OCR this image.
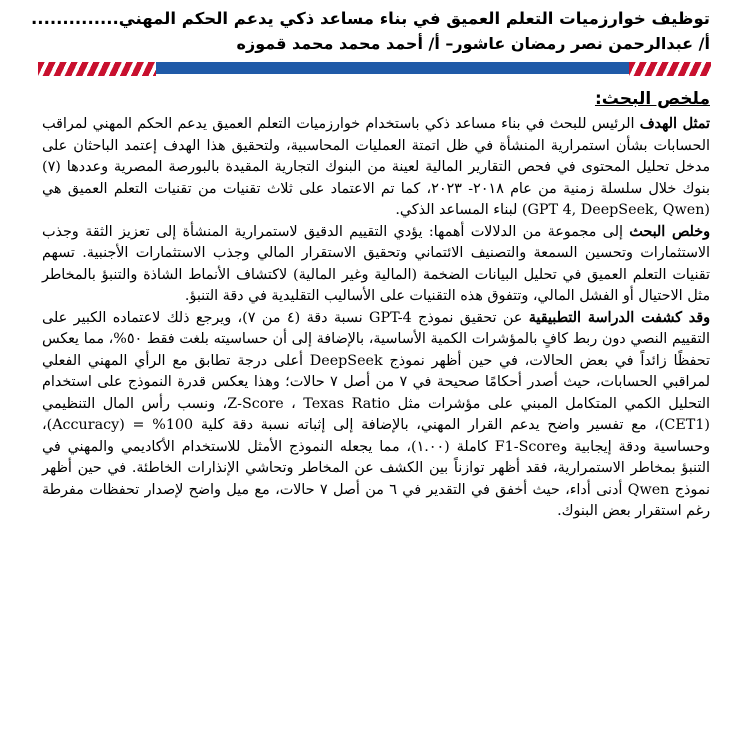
توظيف خوارزميات التعلم العميق في بناء مساعد ذكي يدعم الحكم المهني..............
أ/ عبدالرحمن نصر رمضان عاشور– أ/ أحمد محمد محمد قموزه
ملخص البحث:

تمثل الهدف الرئيس للبحث في بناء مساعد ذكي باستخدام خوارزميات التعلم العميق يدعم الحكم المهني لمراقب الحسابات بشأن استمرارية المنشأة في ظل اتمتة العمليات المحاسبية، ولتحقيق هذا الهدف إعتمد الباحثان على مدخل تحليل المحتوى في فحص التقارير المالية لعينة من البنوك التجارية المقيدة بالبورصة المصرية وعددها (٧) بنوك خلال سلسلة زمنية من عام ٢٠١٨- ٢٠٢٣، كما تم الاعتماد على ثلاث تقنيات من تقنيات التعلم العميق هي (GPT 4, DeepSeek, Qwen) لبناء المساعد الذكي.

وخلص البحث إلى مجموعة من الدلالات أهمها: يؤدي التقييم الدقيق لاستمرارية المنشأة إلى تعزيز الثقة وجذب الاستثمارات وتحسين السمعة والتصنيف الائتماني وتحقيق الاستقرار المالي وجذب الاستثمارات الأجنبية. تسهم تقنيات التعلم العميق في تحليل البيانات الضخمة (المالية وغير المالية) لاكتشاف الأنماط الشاذة والتنبؤ بالمخاطر مثل الاحتيال أو الفشل المالي، وتتفوق هذه التقنيات على الأساليب التقليدية في دقة التنبؤ.

وقد كشفت الدراسة التطبيقية عن تحقيق نموذج GPT-4 نسبة دقة (٤ من ٧)، ويرجع ذلك لاعتماده الكبير على التقييم النصي دون ربط كافٍ بالمؤشرات الكمية الأساسية، بالإضافة إلى أن حساسيته بلغت فقط ٥٠%، مما يعكس تحفظًا زائداً في بعض الحالات، في حين أظهر نموذج DeepSeek أعلى درجة تطابق مع الرأي المهني الفعلي لمراقبي الحسابات، حيث أصدر أحكامًا صحيحة في ٧ من أصل ٧ حالات؛ وهذا يعكس قدرة النموذج على استخدام التحليل الكمي المتكامل المبني على مؤشرات مثل Z-Score ، Texas Ratio، ونسب رأس المال التنظيمي (CET1)، مع تفسير واضح يدعم القرار المهني، بالإضافة إلى إثباته نسبة دقة كلية 100% = (Accuracy)، وحساسية ودقة إيجابية وF1-Score كاملة (١.٠٠)، مما يجعله النموذج الأمثل للاستخدام الأكاديمي والمهني في التنبؤ بمخاطر الاستمرارية، فقد أظهر توازناً بين الكشف عن المخاطر وتحاشي الإنذارات الخاطئة. في حين أظهر نموذج Qwen أدنى أداء، حيث أخفق في التقدير في ٦ من أصل ٧ حالات، مع ميل واضح لإصدار تحفظات مفرطة رغم استقرار بعض البنوك.
